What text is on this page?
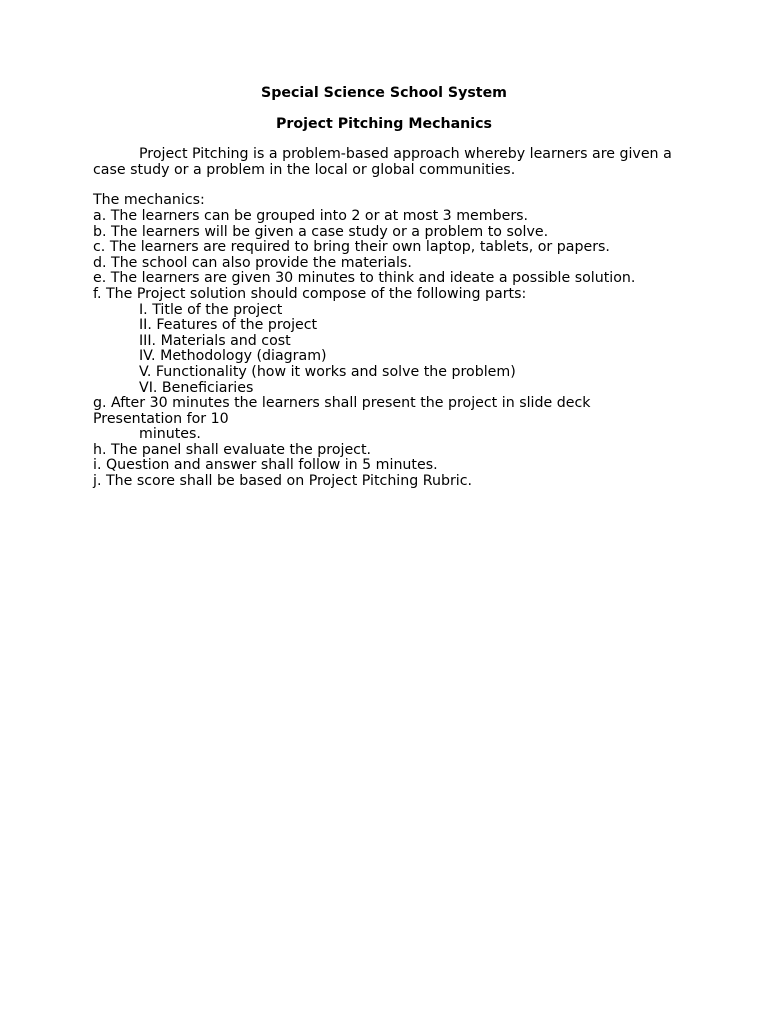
Special Science School System

Project Pitching Mechanics

Project Pitching is a problem-based approach whereby learners are given a case study or a problem in the local or global communities.

The mechanics:

a. The learners can be grouped into 2 or at most 3 members.
b. The learners will be given a case study or a problem to solve.
c. The learners are required to bring their own laptop, tablets, or papers.
d. The school can also provide the materials.
e. The learners are given 30 minutes to think and ideate a possible solution.
f. The Project solution should compose of the following parts:
I. Title of the project
II. Features of the project
III. Materials and cost
IV. Methodology (diagram)
V. Functionality (how it works and solve the problem)
VI. Beneficiaries
g. After 30 minutes the learners shall present the project in slide deck
Presentation for 10
minutes.
h. The panel shall evaluate the project.
i. Question and answer shall follow in 5 minutes.
j. The score shall be based on Project Pitching Rubric.
